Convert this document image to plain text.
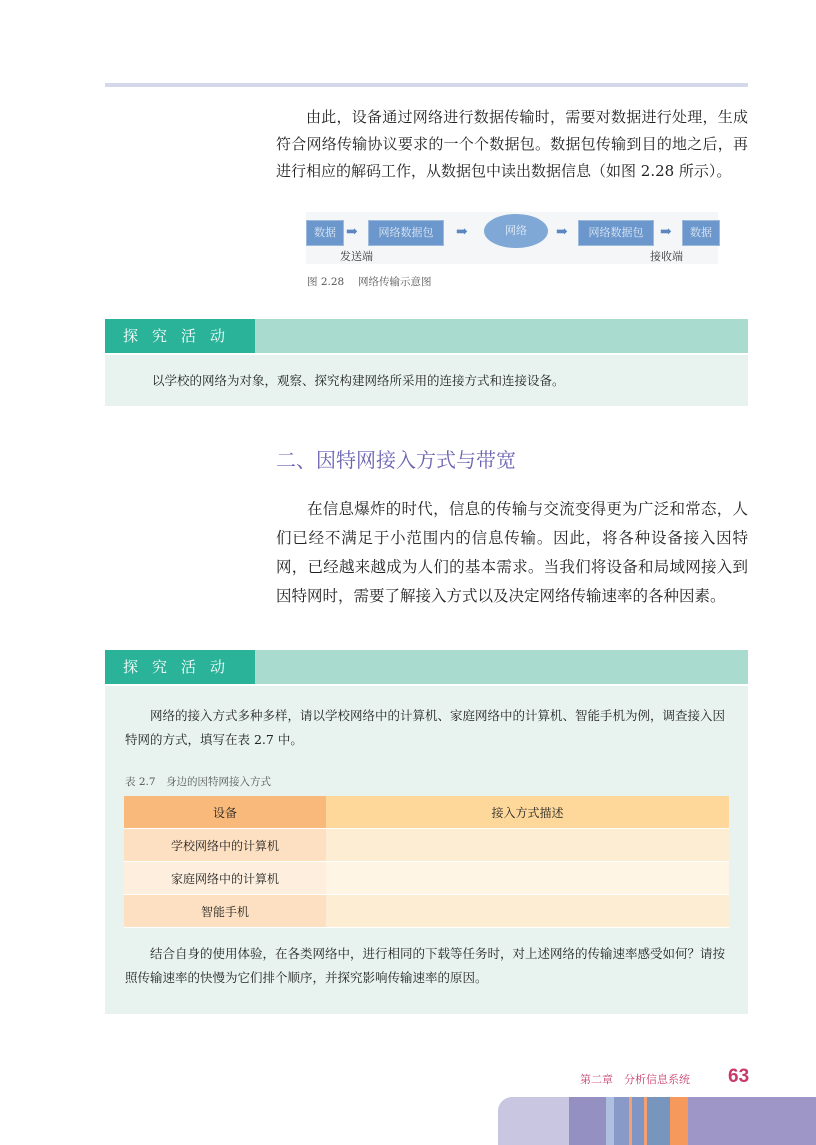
由此，设备通过网络进行数据传输时，需要对数据进行处理，生成符合网络传输协议要求的一个个数据包。数据包传输到目的地之后，再进行相应的解码工作，从数据包中读出数据信息（如图 2.28 所示）。
数据 ➡	网络数据包	➡	网络	➡	网络数据包	➡	数据
发送端	接收端
图 2.28　 网络传输示意图
探究活动
以学校的网络为对象，观察、探究构建网络所采用的连接方式和连接设备。
二、因特网接入方式与带宽
在信息爆炸的时代，信息的传输与交流变得更为广泛和常态，人们已经不满足于小范围内的信息传输。因此，将各种设备接入因特网，已经越来越成为人们的基本需求。当我们将设备和局域网接入到因特网时，需要了解接入方式以及决定网络传输速率的各种因素。
探究活动
网络的接入方式多种多样，请以学校网络中的计算机、家庭网络中的计算机、智能手机为例，调查接入因特网的方式，填写在表 2.7 中。
表 2.7　身边的因特网接入方式
设备	接入方式描述
学校网络中的计算机	
家庭网络中的计算机	
智能手机	
结合自身的使用体验，在各类网络中，进行相同的下载等任务时，对上述网络的传输速率感受如何？请按照传输速率的快慢为它们排个顺序，并探究影响传输速率的原因。
第二章　分析信息系统 63
